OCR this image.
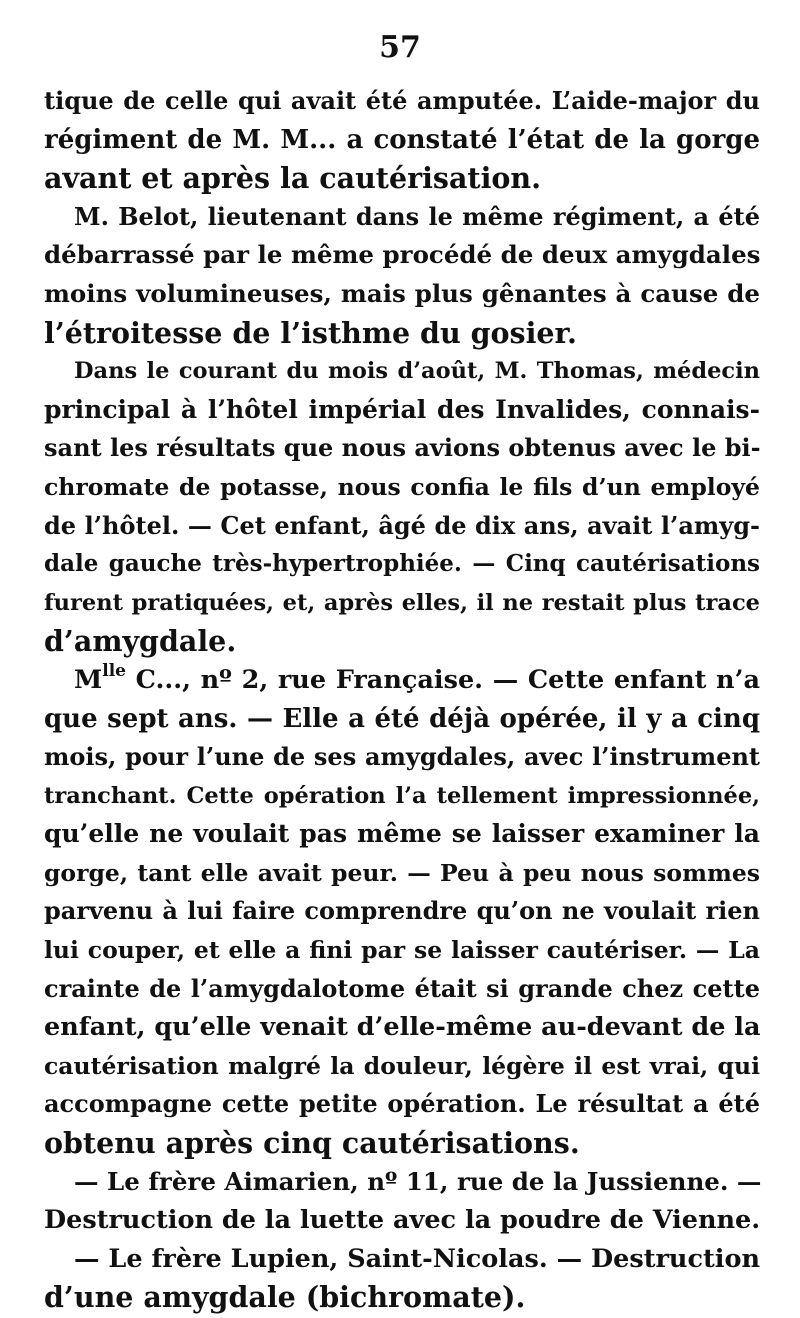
57
tique de celle qui avait été amputée. L’aide-major du
régiment de M. M... a constaté l’état de la gorge
avant et après la cautérisation.
M. Belot, lieutenant dans le même régiment, a été
débarrassé par le même procédé de deux amygdales
moins volumineuses, mais plus gênantes à cause de
l’étroitesse de l’isthme du gosier.
Dans le courant du mois d’août, M. Thomas, médecin
principal à l’hôtel impérial des Invalides, connais-
sant les résultats que nous avions obtenus avec le bi-
chromate de potasse, nous confia le fils d’un employé
de l’hôtel. — Cet enfant, âgé de dix ans, avait l’amyg-
dale gauche très-hypertrophiée. — Cinq cautérisations
furent pratiquées, et, après elles, il ne restait plus trace
d’amygdale.
$M^{lle}$ C..., nº 2, rue Française. — Cette enfant n’a
que sept ans. — Elle a été déjà opérée, il y a cinq
mois, pour l’une de ses amygdales, avec l’instrument
tranchant. Cette opération l’a tellement impressionnée,
qu’elle ne voulait pas même se laisser examiner la
gorge, tant elle avait peur. — Peu à peu nous sommes
parvenu à lui faire comprendre qu’on ne voulait rien
lui couper, et elle a fini par se laisser cautériser. — La
crainte de l’amygdalotome était si grande chez cette
enfant, qu’elle venait d’elle-même au-devant de la
cautérisation malgré la douleur, légère il est vrai, qui
accompagne cette petite opération. Le résultat a été
obtenu après cinq cautérisations.
— Le frère Aimarien, nº 11, rue de la Jussienne. —
Destruction de la luette avec la poudre de Vienne.
— Le frère Lupien, Saint-Nicolas. — Destruction
d’une amygdale (bichromate).
